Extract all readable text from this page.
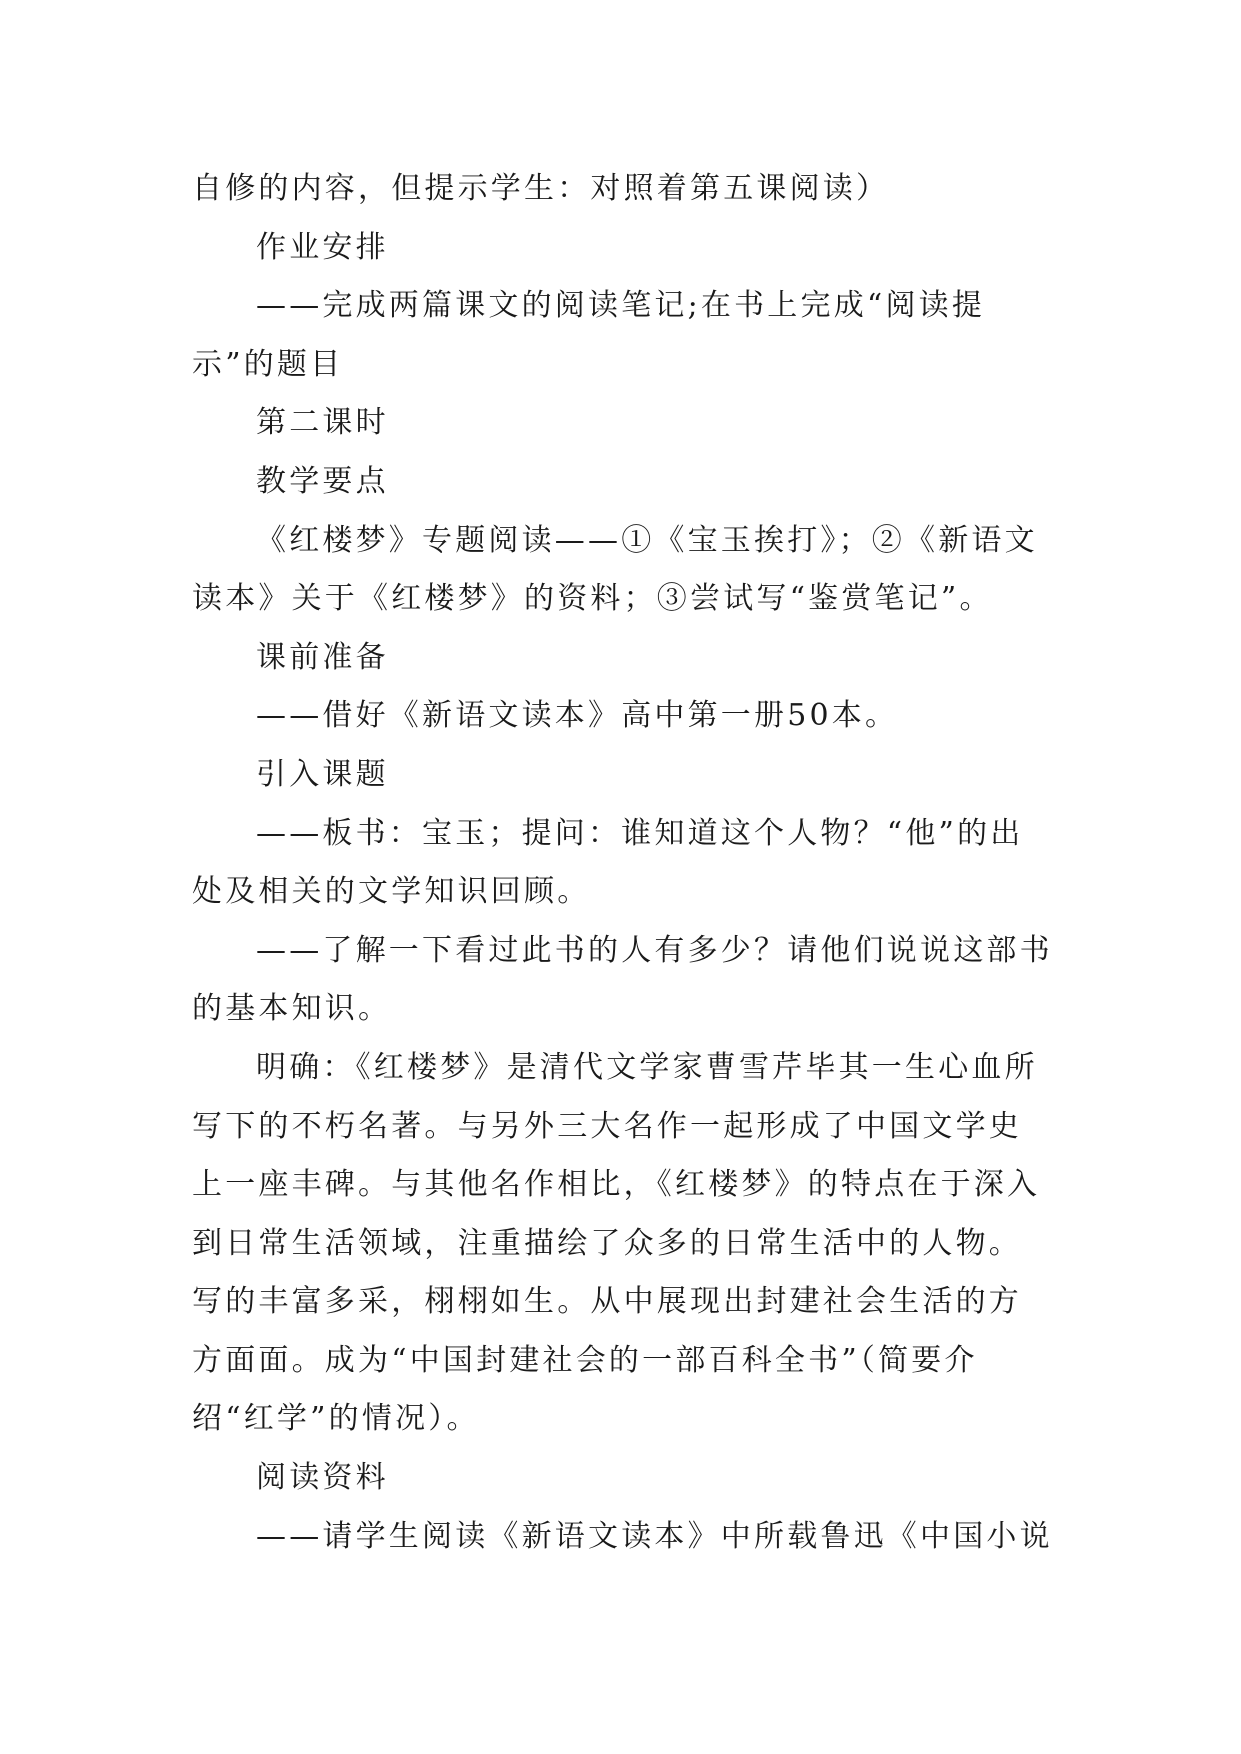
自修的内容，但提示学生：对照着第五课阅读）

作业安排

——完成两篇课文的阅读笔记;在书上完成“阅读提示”的题目

第二课时

教学要点

《红楼梦》专题阅读——①《宝玉挨打》；②《新语文读本》关于《红楼梦》的资料；③尝试写“鉴赏笔记”。

课前准备

——借好《新语文读本》高中第一册50本。

引入课题

——板书：宝玉；提问：谁知道这个人物？“他”的出处及相关的文学知识回顾。

——了解一下看过此书的人有多少？请他们说说这部书的基本知识。

明确：《红楼梦》是清代文学家曹雪芹毕其一生心血所写下的不朽名著。与另外三大名作一起形成了中国文学史上一座丰碑。与其他名作相比，《红楼梦》的特点在于深入到日常生活领域，注重描绘了众多的日常生活中的人物。写的丰富多采，栩栩如生。从中展现出封建社会生活的方方面面。成为“中国封建社会的一部百科全书”（简要介绍“红学”的情况）。

阅读资料

——请学生阅读《新语文读本》中所载鲁迅《中国小说
